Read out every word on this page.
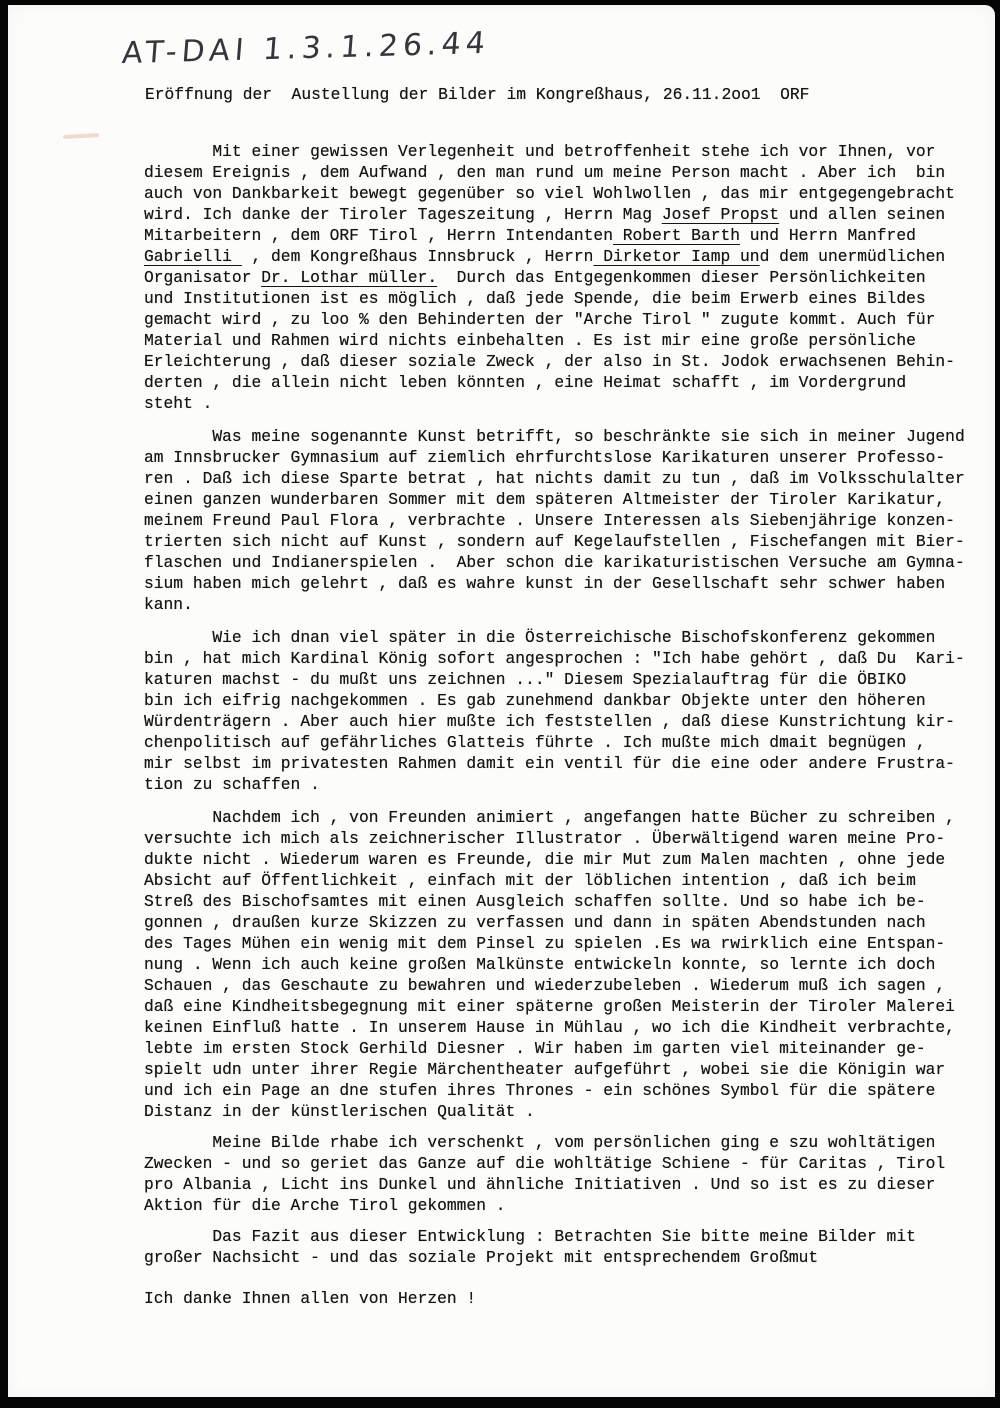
AT-DAI 1.3.1.26.44
Eröffnung der  Austellung der Bilder im Kongreßhaus, 26.11.2oo1  ORF
Mit einer gewissen Verlegenheit und betroffenheit stehe ich vor Ihnen, vor
diesem Ereignis , dem Aufwand , den man rund um meine Person macht . Aber ich  bin
auch von Dankbarkeit bewegt gegenüber so viel Wohlwollen , das mir entgegengebracht
wird. Ich danke der Tiroler Tageszeitung , Herrn Mag Josef Propst und allen seinen
Mitarbeitern , dem ORF Tirol , Herrn Intendanten Robert Barth und Herrn Manfred
Gabrielli  , dem Kongreßhaus Innsbruck , Herrn Dirketor Iamp und dem unermüdlichen
Organisator Dr. Lothar müller.  Durch das Entgegenkommen dieser Persönlichkeiten
und Institutionen ist es möglich , daß jede Spende, die beim Erwerb eines Bildes
gemacht wird , zu loo % den Behinderten der "Arche Tirol " zugute kommt. Auch für
Material und Rahmen wird nichts einbehalten . Es ist mir eine große persönliche
Erleichterung , daß dieser soziale Zweck , der also in St. Jodok erwachsenen Behin-
derten , die allein nicht leben könnten , eine Heimat schafft , im Vordergrund
steht .
Was meine sogenannte Kunst betrifft, so beschränkte sie sich in meiner Jugend
am Innsbrucker Gymnasium auf ziemlich ehrfurchtslose Karikaturen unserer Professo-
ren . Daß ich diese Sparte betrat , hat nichts damit zu tun , daß im Volksschulalter
einen ganzen wunderbaren Sommer mit dem späteren Altmeister der Tiroler Karikatur,
meinem Freund Paul Flora , verbrachte . Unsere Interessen als Siebenjährige konzen-
trierten sich nicht auf Kunst , sondern auf Kegelaufstellen , Fischefangen mit Bier-
flaschen und Indianerspielen .  Aber schon die karikaturistischen Versuche am Gymna-
sium haben mich gelehrt , daß es wahre kunst in der Gesellschaft sehr schwer haben
kann.
Wie ich dnan viel später in die Österreichische Bischofskonferenz gekommen
bin , hat mich Kardinal König sofort angesprochen : "Ich habe gehört , daß Du  Kari-
katuren machst - du mußt uns zeichnen ..." Diesem Spezialauftrag für die ÖBIKO
bin ich eifrig nachgekommen . Es gab zunehmend dankbar Objekte unter den höheren
Würdenträgern . Aber auch hier mußte ich feststellen , daß diese Kunstrichtung kir-
chenpolitisch auf gefährliches Glatteis führte . Ich mußte mich dmait begnügen ,
mir selbst im privatesten Rahmen damit ein ventil für die eine oder andere Frustra-
tion zu schaffen .
Nachdem ich , von Freunden animiert , angefangen hatte Bücher zu schreiben ,
versuchte ich mich als zeichnerischer Illustrator . Überwältigend waren meine Pro-
dukte nicht . Wiederum waren es Freunde, die mir Mut zum Malen machten , ohne jede
Absicht auf Öffentlichkeit , einfach mit der löblichen intention , daß ich beim
Streß des Bischofsamtes mit einen Ausgleich schaffen sollte. Und so habe ich be-
gonnen , draußen kurze Skizzen zu verfassen und dann in späten Abendstunden nach
des Tages Mühen ein wenig mit dem Pinsel zu spielen .Es wa rwirklich eine Entspan-
nung . Wenn ich auch keine großen Malkünste entwickeln konnte, so lernte ich doch
Schauen , das Geschaute zu bewahren und wiederzubeleben . Wiederum muß ich sagen ,
daß eine Kindheitsbegegnung mit einer späterne großen Meisterin der Tiroler Malerei
keinen Einfluß hatte . In unserem Hause in Mühlau , wo ich die Kindheit verbrachte,
lebte im ersten Stock Gerhild Diesner . Wir haben im garten viel miteinander ge-
spielt udn unter ihrer Regie Märchentheater aufgeführt , wobei sie die Königin war
und ich ein Page an dne stufen ihres Thrones - ein schönes Symbol für die spätere
Distanz in der künstlerischen Qualität .
Meine Bilde rhabe ich verschenkt , vom persönlichen ging e szu wohltätigen
Zwecken - und so geriet das Ganze auf die wohltätige Schiene - für Caritas , Tirol
pro Albania , Licht ins Dunkel und ähnliche Initiativen . Und so ist es zu dieser
Aktion für die Arche Tirol gekommen .
Das Fazit aus dieser Entwicklung : Betrachten Sie bitte meine Bilder mit
großer Nachsicht - und das soziale Projekt mit entsprechendem Großmut
Ich danke Ihnen allen von Herzen !
